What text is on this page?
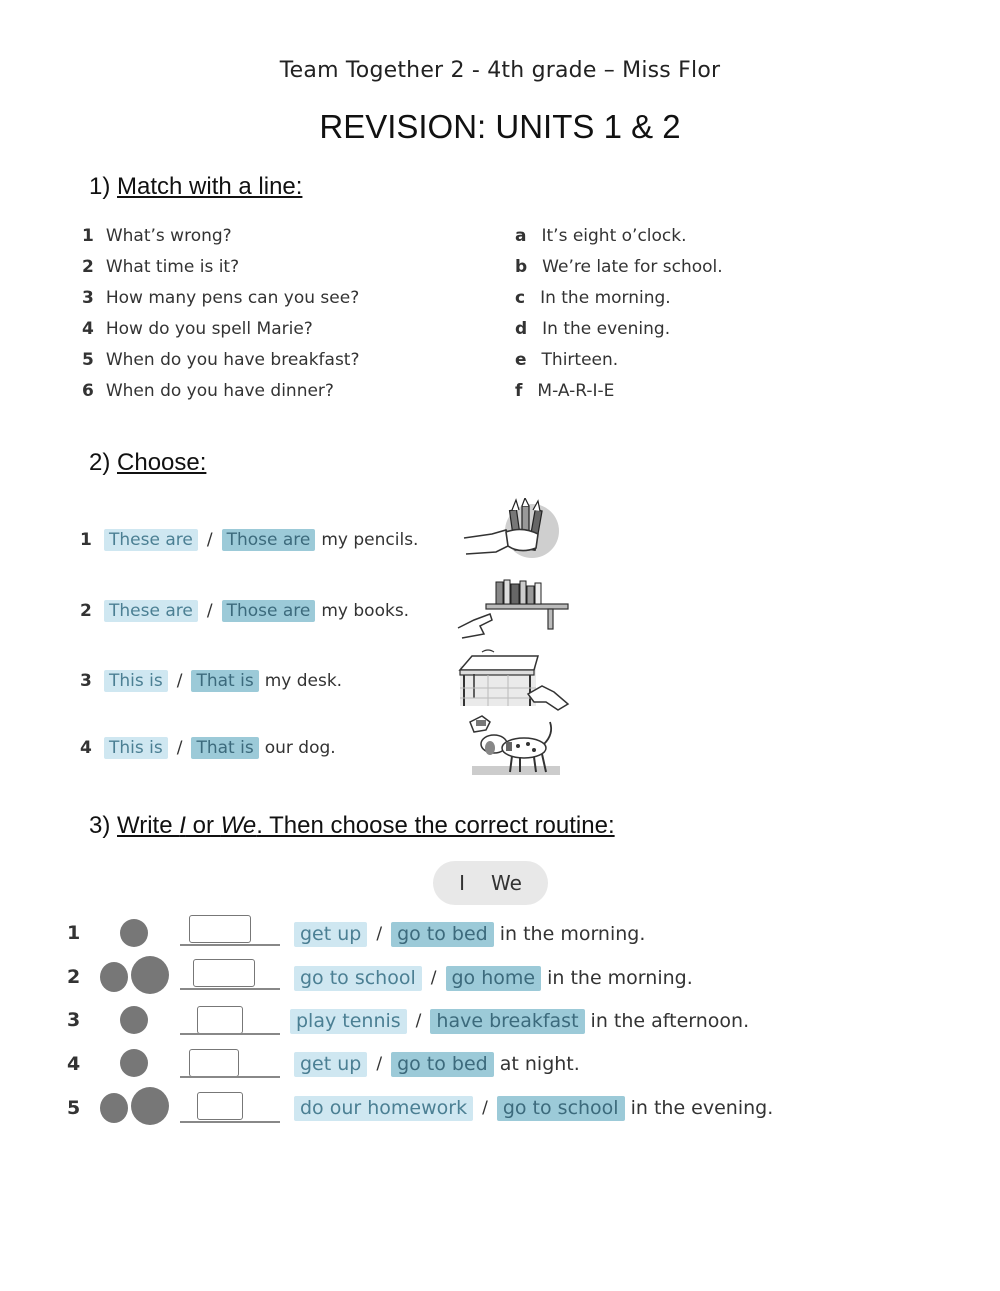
Team Together 2 - 4th grade – Miss Flor
REVISION: UNITS 1 & 2
1) Match with a line:
1 What’s wrong?
2 What time is it?
3 How many pens can you see?
4 How do you spell Marie?
5 When do you have breakfast?
6 When do you have dinner?
a It’s eight o’clock.
b We’re late for school.
c In the morning.
d In the evening.
e Thirteen.
f M-A-R-I-E
2) Choose:
1	These are / Those are my pencils.
2	These are / Those are my books.
3	This is / That is my desk.
4	This is / That is our dog.
3) Write I or We. Then choose the correct routine:
I We
1	get up / go to bed in the morning.
2	go to school / go home in the morning.
3	play tennis / have breakfast in the afternoon.
4	get up / go to bed at night.
5	do our homework / go to school in the evening.
